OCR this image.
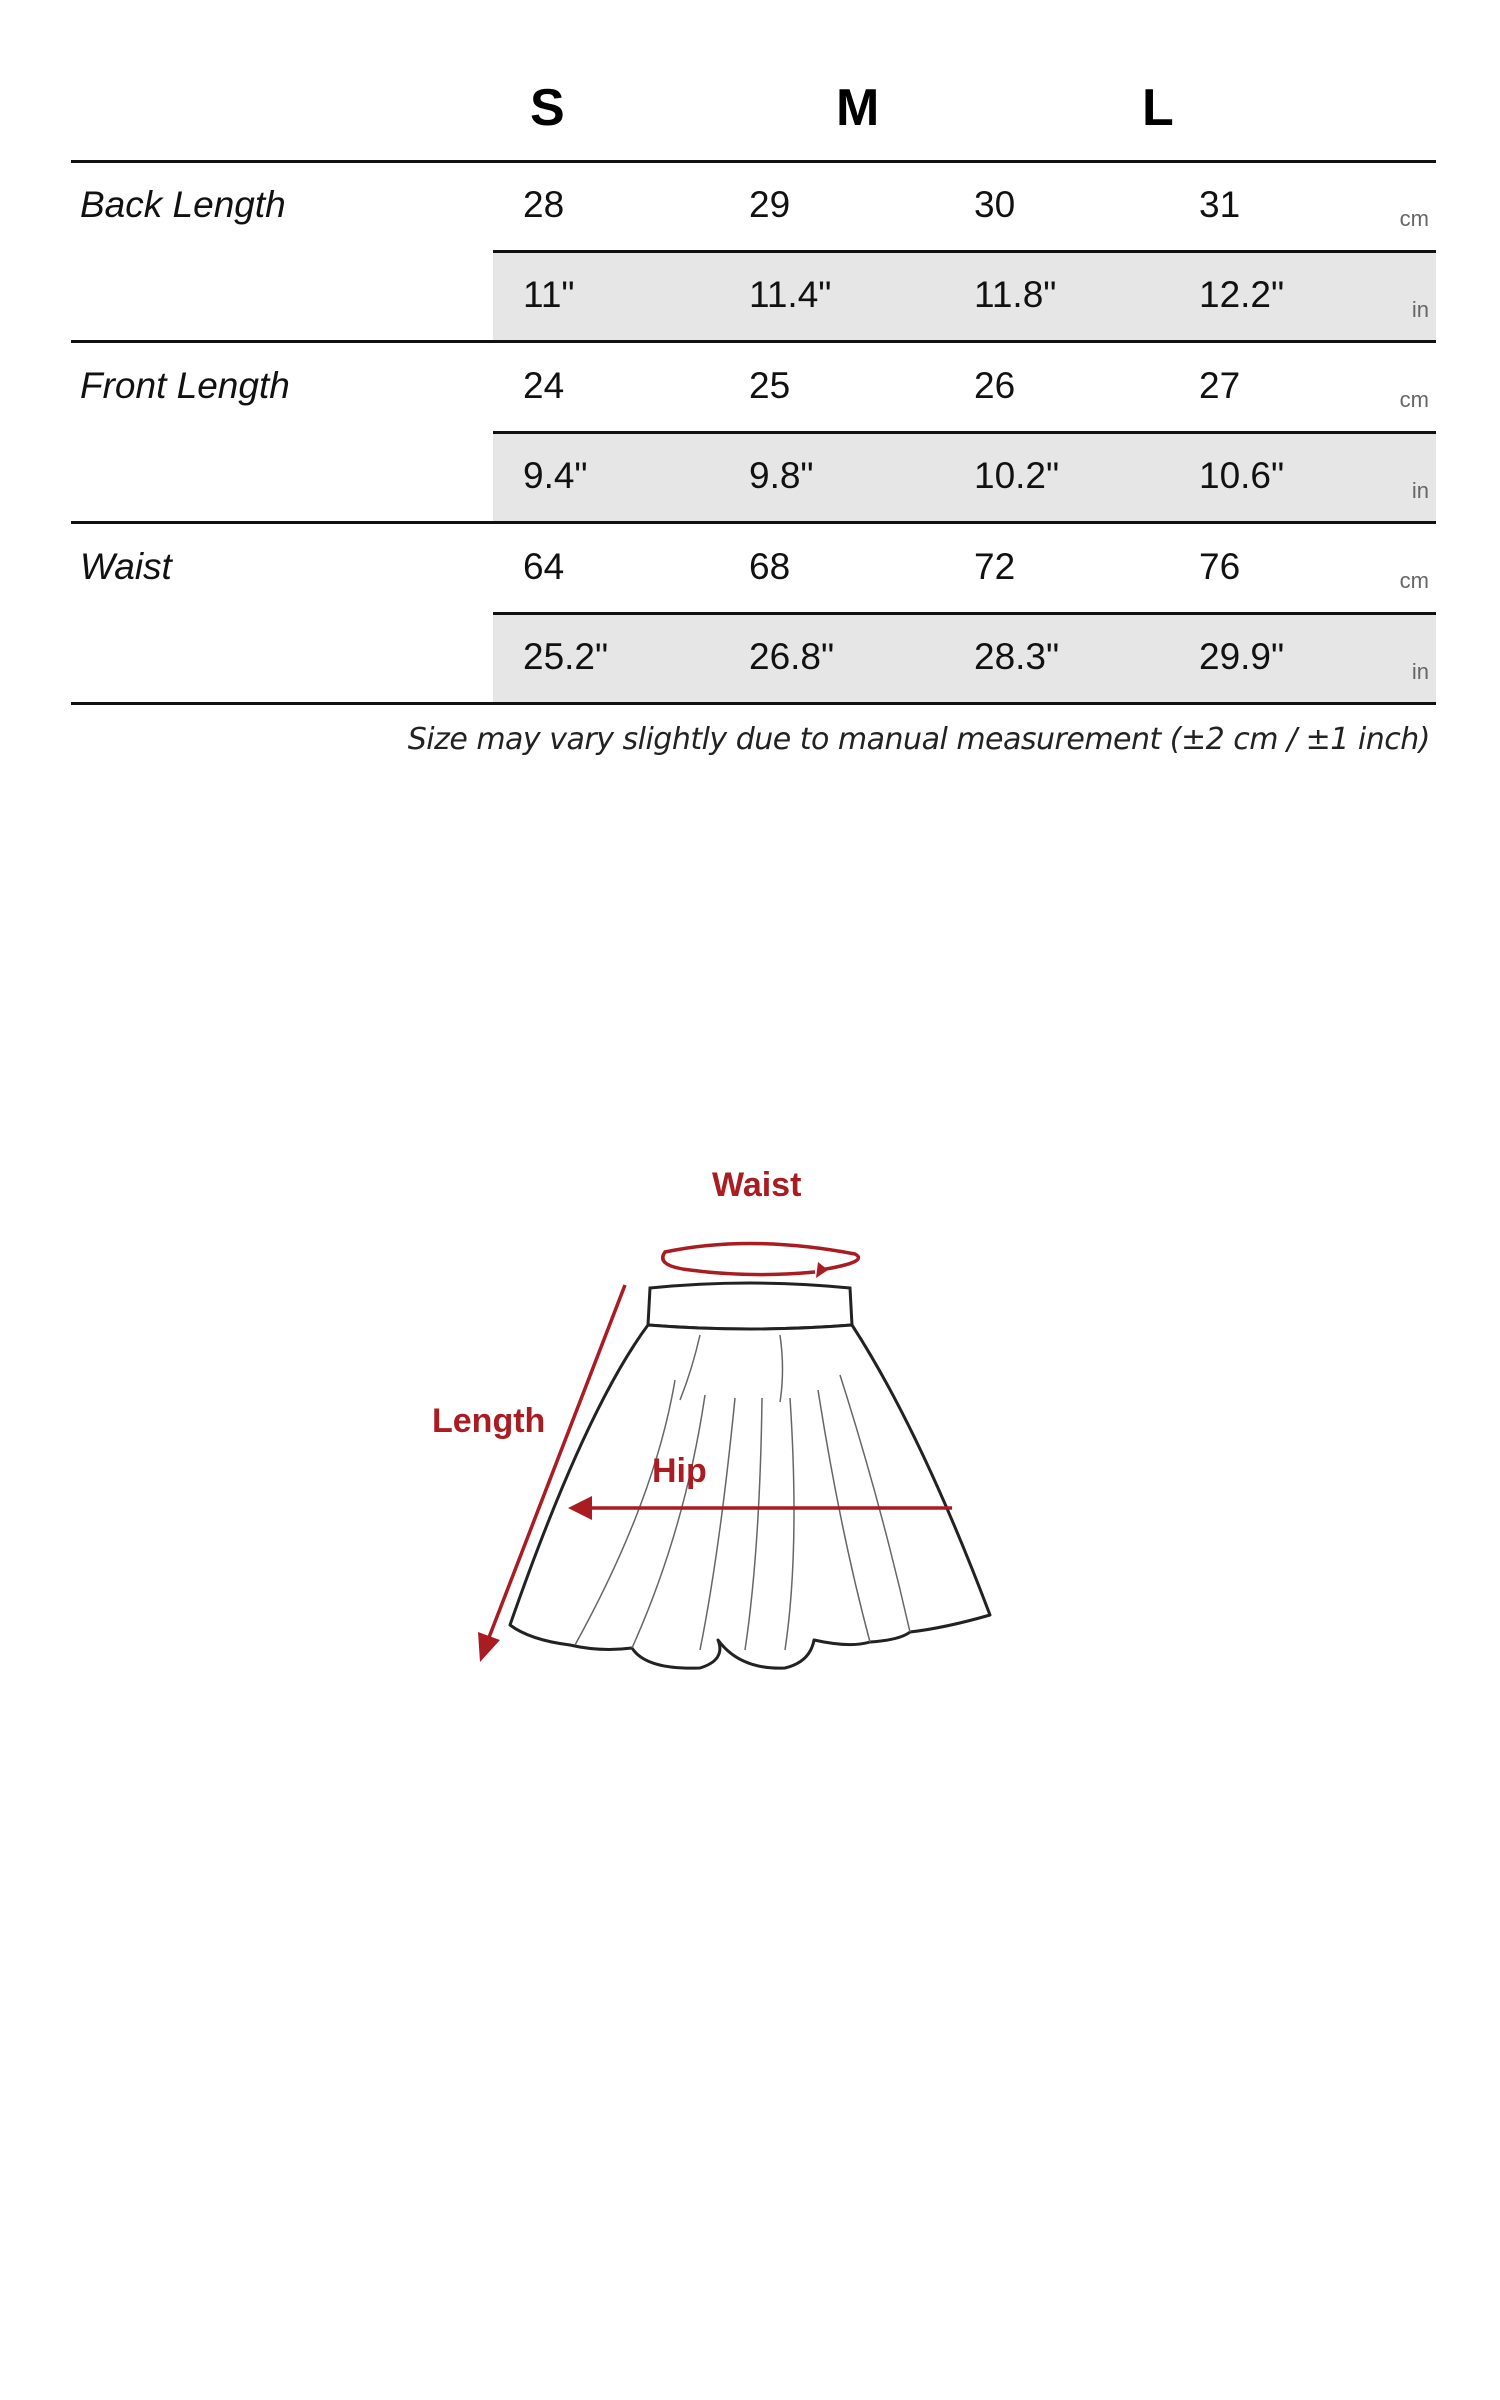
S	M	L
Back Length	28	29	30	31	cm
11"	11.4"	11.8"	12.2"	in
Front Length	24	25	26	27	cm
9.4"	9.8"	10.2"	10.6"	in
Waist	64	68	72	76	cm
25.2"	26.8"	28.3"	29.9"	in
Size may vary slightly due to manual measurement (±2 cm / ±1 inch)
Waist
Length
Hip
